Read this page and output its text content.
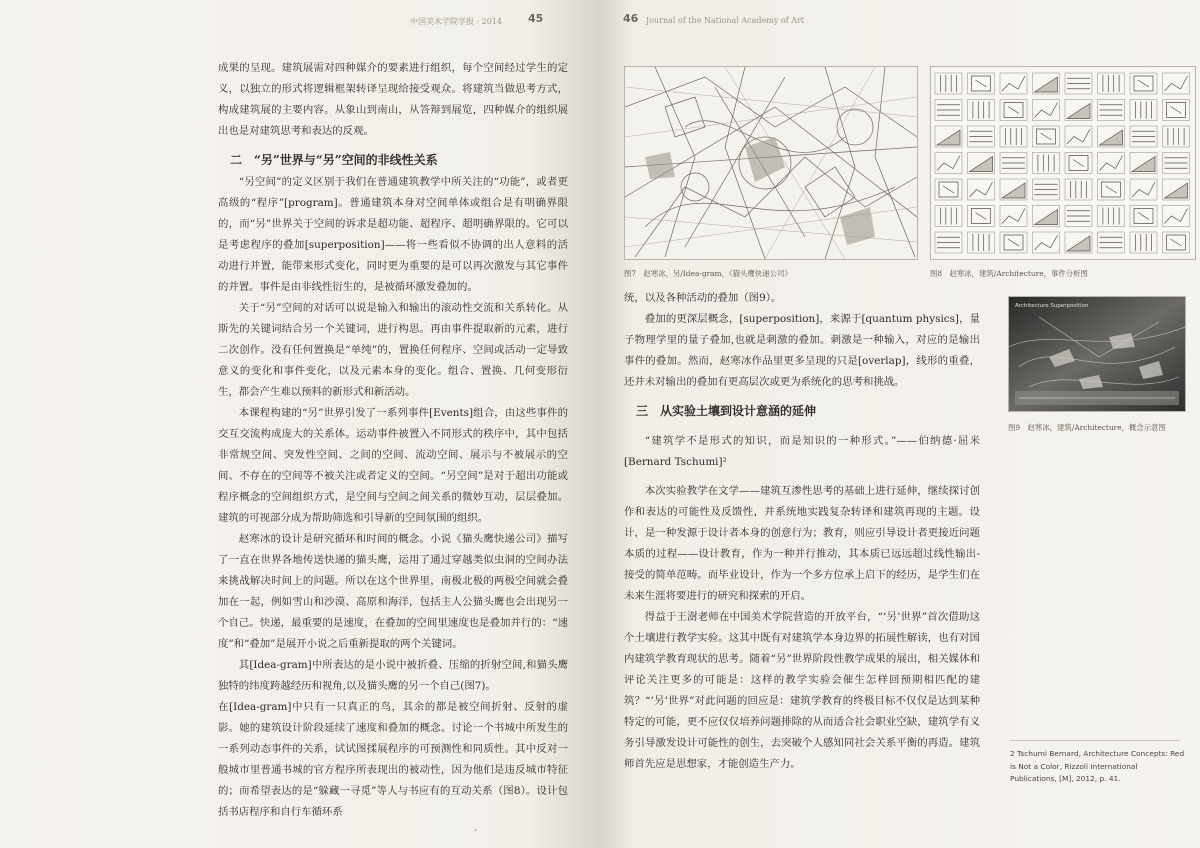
中国美术学院学报 · 2014 45

成果的呈现。建筑展需对四种媒介的要素进行组织，每个空间经过学生的定义，以独立的形式将逻辑框架转译呈现给接受观众。将建筑当做思考方式，构成建筑展的主要内容。从象山到南山，从答辩到展览，四种媒介的组织展出也是对建筑思考和表达的反观。

二　“另”世界与“另”空间的非线性关系

“另空间”的定义区别于我们在普通建筑教学中所关注的“功能”，或者更高级的“程序”[program]。普通建筑本身对空间单体或组合是有明确界限的，而“另”世界关于空间的诉求是超功能、超程序、超明确界限的。它可以是考虑程序的叠加[superposition]——将一些看似不协调的出人意料的活动进行并置，能带来形式变化，同时更为重要的是可以再次激发与其它事件的并置。事件是由非线性衍生的，是被循环激发叠加的。

关于“另”空间的对话可以说是输入和输出的滚动性交流和关系转化。从斯先的关键词结合另一个关键词，进行构思。再由事件提取新的元素，进行二次创作。没有任何置换是“单纯”的，置换任何程序、空间或活动一定导致意义的变化和事件变化，以及元素本身的变化。组合、置换、几何变形衍生，都会产生难以预料的新形式和新活动。

本课程构建的“另”世界引发了一系列事件[Events]组合，由这些事件的交互交流构成庞大的关系体。运动事件被置入不同形式的秩序中，其中包括非常规空间、突发性空间、之间的空间、流动空间、展示与不被展示的空间、不存在的空间等不被关注或者定义的空间。“另空间”是对于超出功能或程序概念的空间组织方式，是空间与空间之间关系的微妙互动，层层叠加。建筑的可视部分成为帮助筛选和引导新的空间氛围的组织。

赵寒冰的设计是研究循环和时间的概念。小说《猫头鹰快递公司》描写了一直在世界各地传送快递的猫头鹰，运用了通过穿越类似虫洞的空间办法来挑战解决时间上的问题。所以在这个世界里，南极北极的两极空间就会叠加在一起，例如雪山和沙漠、高原和海洋，包括主人公猫头鹰也会出现另一个自己。快递，最重要的是速度，在叠加的空间里速度也是叠加并行的：“速度”和“叠加”是展开小说之后重新提取的两个关键词。

其[Idea-gram]中所表达的是小说中被折叠、压缩的折射空间,和猫头鹰独特的纬度跨越经历和视角,以及猫头鹰的另一个自己(图7)。

在[Idea-gram]中只有一只真正的鸟，其余的都是被空间折射、反射的虚影。她的建筑设计阶段延续了速度和叠加的概念。讨论一个书城中所发生的一系列动态事件的关系，试试图揉展程序的可预测性和同质性。其中反对一般城市里普通书城的官方程序所表现出的被动性，因为他们是违反城市特征的；而希望表达的是“躲藏一寻觅”等人与书应有的互动关系（图8）。设计包括书店程序和自行车循环系

·
46 Journal of the National Academy of Art
图7　赵寒冰，另/Idea-gram，《猫头鹰快递公司》	图8　赵寒冰，建筑/Architecture，事件分析图

统，以及各种活动的叠加（图9）。

叠加的更深层概念，[superposition]，来源于[quantum physics]，量子物理学里的量子叠加,也就是刺激的叠加。刺激是一种输入，对应的是输出事件的叠加。然而，赵寒冰作品里更多呈现的只是[overlap]，线形的重叠，还并未对输出的叠加有更高层次或更为系统化的思考和挑战。

三　从实验土壤到设计意涵的延伸

“建筑学不是形式的知识，而是知识的一种形式。”——伯纳德·屈米[Bernard Tschumi]²

本次实验教学在文学——建筑互渗性思考的基础上进行延伸，继续探讨创作和表达的可能性及反馈性，并系统地实践复杂转译和建筑再现的主题。设计，是一种发源于设计者本身的创意行为；教育，则应引导设计者更接近问题本质的过程——设计教育，作为一种并行推动，其本质已远远超过线性输出-接受的简单范畴。而毕业设计，作为一个多方位承上启下的经历，是学生们在未来生涯将要进行的研究和探索的开启。

得益于王澍老师在中国美术学院营造的开放平台，“‘另’世界”首次借助这个土壤进行教学实验。这其中既有对建筑学本身边界的拓展性解读，也有对国内建筑学教育现状的思考。随着“另”世界阶段性教学成果的展出，相关媒体和评论关注更多的可能是：这样的教学实验会催生怎样回预期相匹配的建筑？“‘另’世界”对此问题的回应是：建筑学教育的终极目标不仅仅是达到某种特定的可能，更不应仅仅培养问题排除的从而适合社会职业空缺，建筑学有义务引导激发设计可能性的创生，去突破个人感知同社会关系平衡的再造。建筑师首先应是思想家，才能创造生产力。

Architecture Superposition
图9　赵寒冰，建筑/Architecture，概念示意图
2 Tschumi Bernard, Architecture Concepts: Red is Not a Color, Rizzoli International Publications, [M], 2012, p. 41.
